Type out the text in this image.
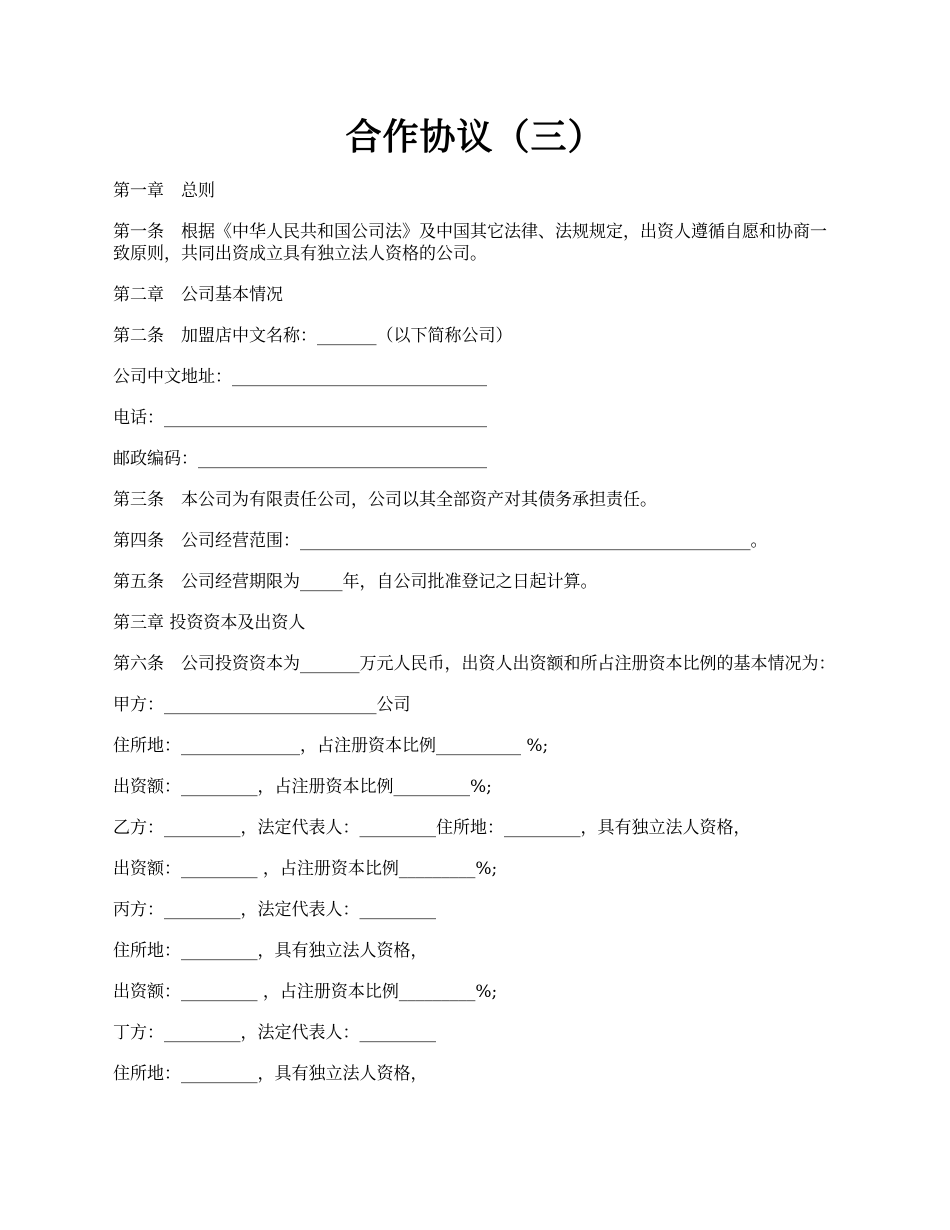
合作协议（三）

第一章　总则

第一条　根据《中华人民共和国公司法》及中国其它法律、法规规定，出资人遵循自愿和协商一致原则，共同出资成立具有独立法人资格的公司。

第二章　公司基本情况

第二条　加盟店中文名称：_______（以下简称公司）

公司中文地址：______________________________

电话：______________________________________

邮政编码：__________________________________

第三条　本公司为有限责任公司，公司以其全部资产对其债务承担责任。

第四条　公司经营范围：_____________________________________________________。

第五条　公司经营期限为_____年，自公司批准登记之日起计算。

第三章 投资资本及出资人

第六条　公司投资资本为_______万元人民币，出资人出资额和所占注册资本比例的基本情况为：

甲方：_________________________公司

住所地：______________，占注册资本比例__________ %;

出资额：_________，占注册资本比例_________%;

乙方：_________，法定代表人：_________住所地：_________，具有独立法人资格，

出资额：_________ ，占注册资本比例_________%;

丙方：_________，法定代表人：_________

住所地：_________，具有独立法人资格，

出资额：_________ ，占注册资本比例_________%;

丁方：_________，法定代表人：_________

住所地：_________，具有独立法人资格，
